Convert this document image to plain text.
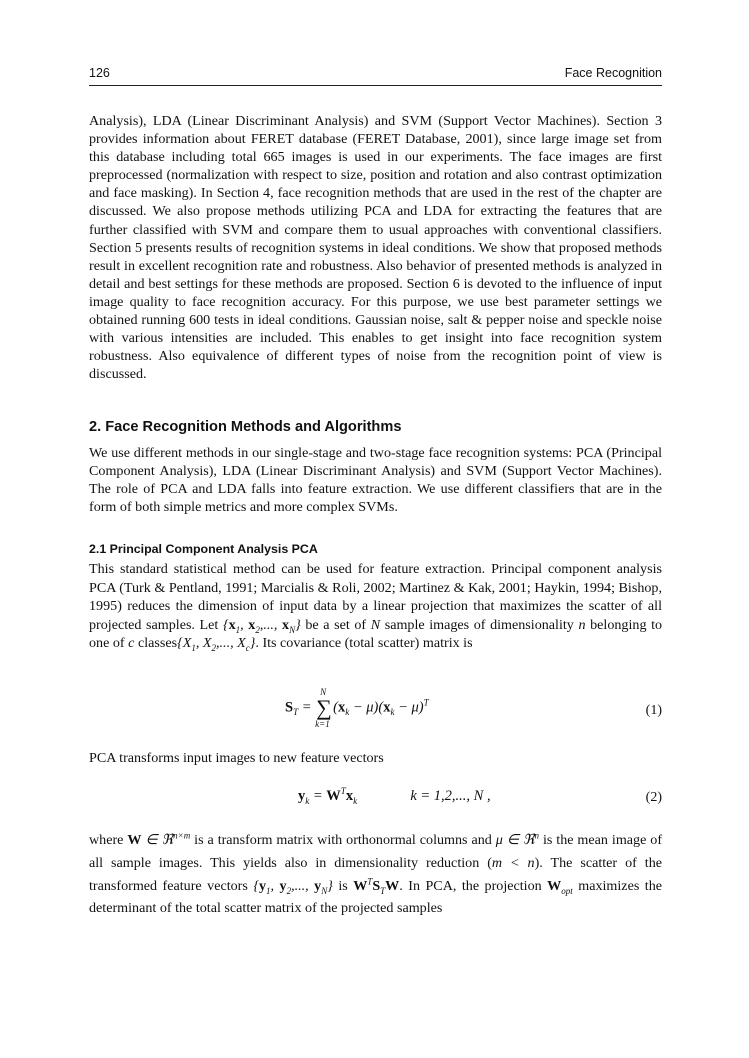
126	Face Recognition

Analysis), LDA (Linear Discriminant Analysis) and SVM (Support Vector Machines). Section 3 provides information about FERET database (FERET Database, 2001), since large image set from this database including total 665 images is used in our experiments. The face images are first preprocessed (normalization with respect to size, position and rotation and also contrast optimization and face masking). In Section 4, face recognition methods that are used in the rest of the chapter are discussed. We also propose methods utilizing PCA and LDA for extracting the features that are further classified with SVM and compare them to usual approaches with conventional classifiers. Section 5 presents results of recognition systems in ideal conditions. We show that proposed methods result in excellent recognition rate and robustness. Also behavior of presented methods is analyzed in detail and best settings for these methods are proposed. Section 6 is devoted to the influence of input image quality to face recognition accuracy. For this purpose, we use best parameter settings we obtained running 600 tests in ideal conditions. Gaussian noise, salt & pepper noise and speckle noise with various intensities are included. This enables to get insight into face recognition system robustness. Also equivalence of different types of noise from the recognition point of view is discussed.

2. Face Recognition Methods and Algorithms

We use different methods in our single-stage and two-stage face recognition systems: PCA (Principal Component Analysis), LDA (Linear Discriminant Analysis) and SVM (Support Vector Machines). The role of PCA and LDA falls into feature extraction. We use different classifiers that are in the form of both simple metrics and more complex SVMs.

2.1 Principal Component Analysis PCA

This standard statistical method can be used for feature extraction. Principal component analysis PCA (Turk & Pentland, 1991; Marcialis & Roli, 2002; Martinez & Kak, 2001; Haykin, 1994; Bishop, 1995) reduces the dimension of input data by a linear projection that maximizes the scatter of all projected samples. Let {$x_1$, $x_2$,..., $x_N$} be a set of N sample images of dimensionality n belonging to one of c $classes\{X_1$, $X_2$,..., $X_c$}. Its covariance (total scatter) matrix is

$S_T$ = ∑
N
k=1
$(x_k - \mu)(x_k - \mu)^T$
(1)

PCA transforms input images to new feature vectors

$y_k = W^Tx_k$	k = 1,2,..., N ,	(2)

where W ∈ ℜ$^{n\times m}$ is a transform matrix with orthonormal columns and μ ∈ ℜ$^n$ is the mean image of all sample images. This yields also in dimensionality reduction (m < n). The scatter of the transformed feature vectors {$y_1$, $y_2$,..., $y_N$} is $W^TS_TW$. In PCA, the projection $W_{opt}$ maximizes the determinant of the total scatter matrix of the projected samples
